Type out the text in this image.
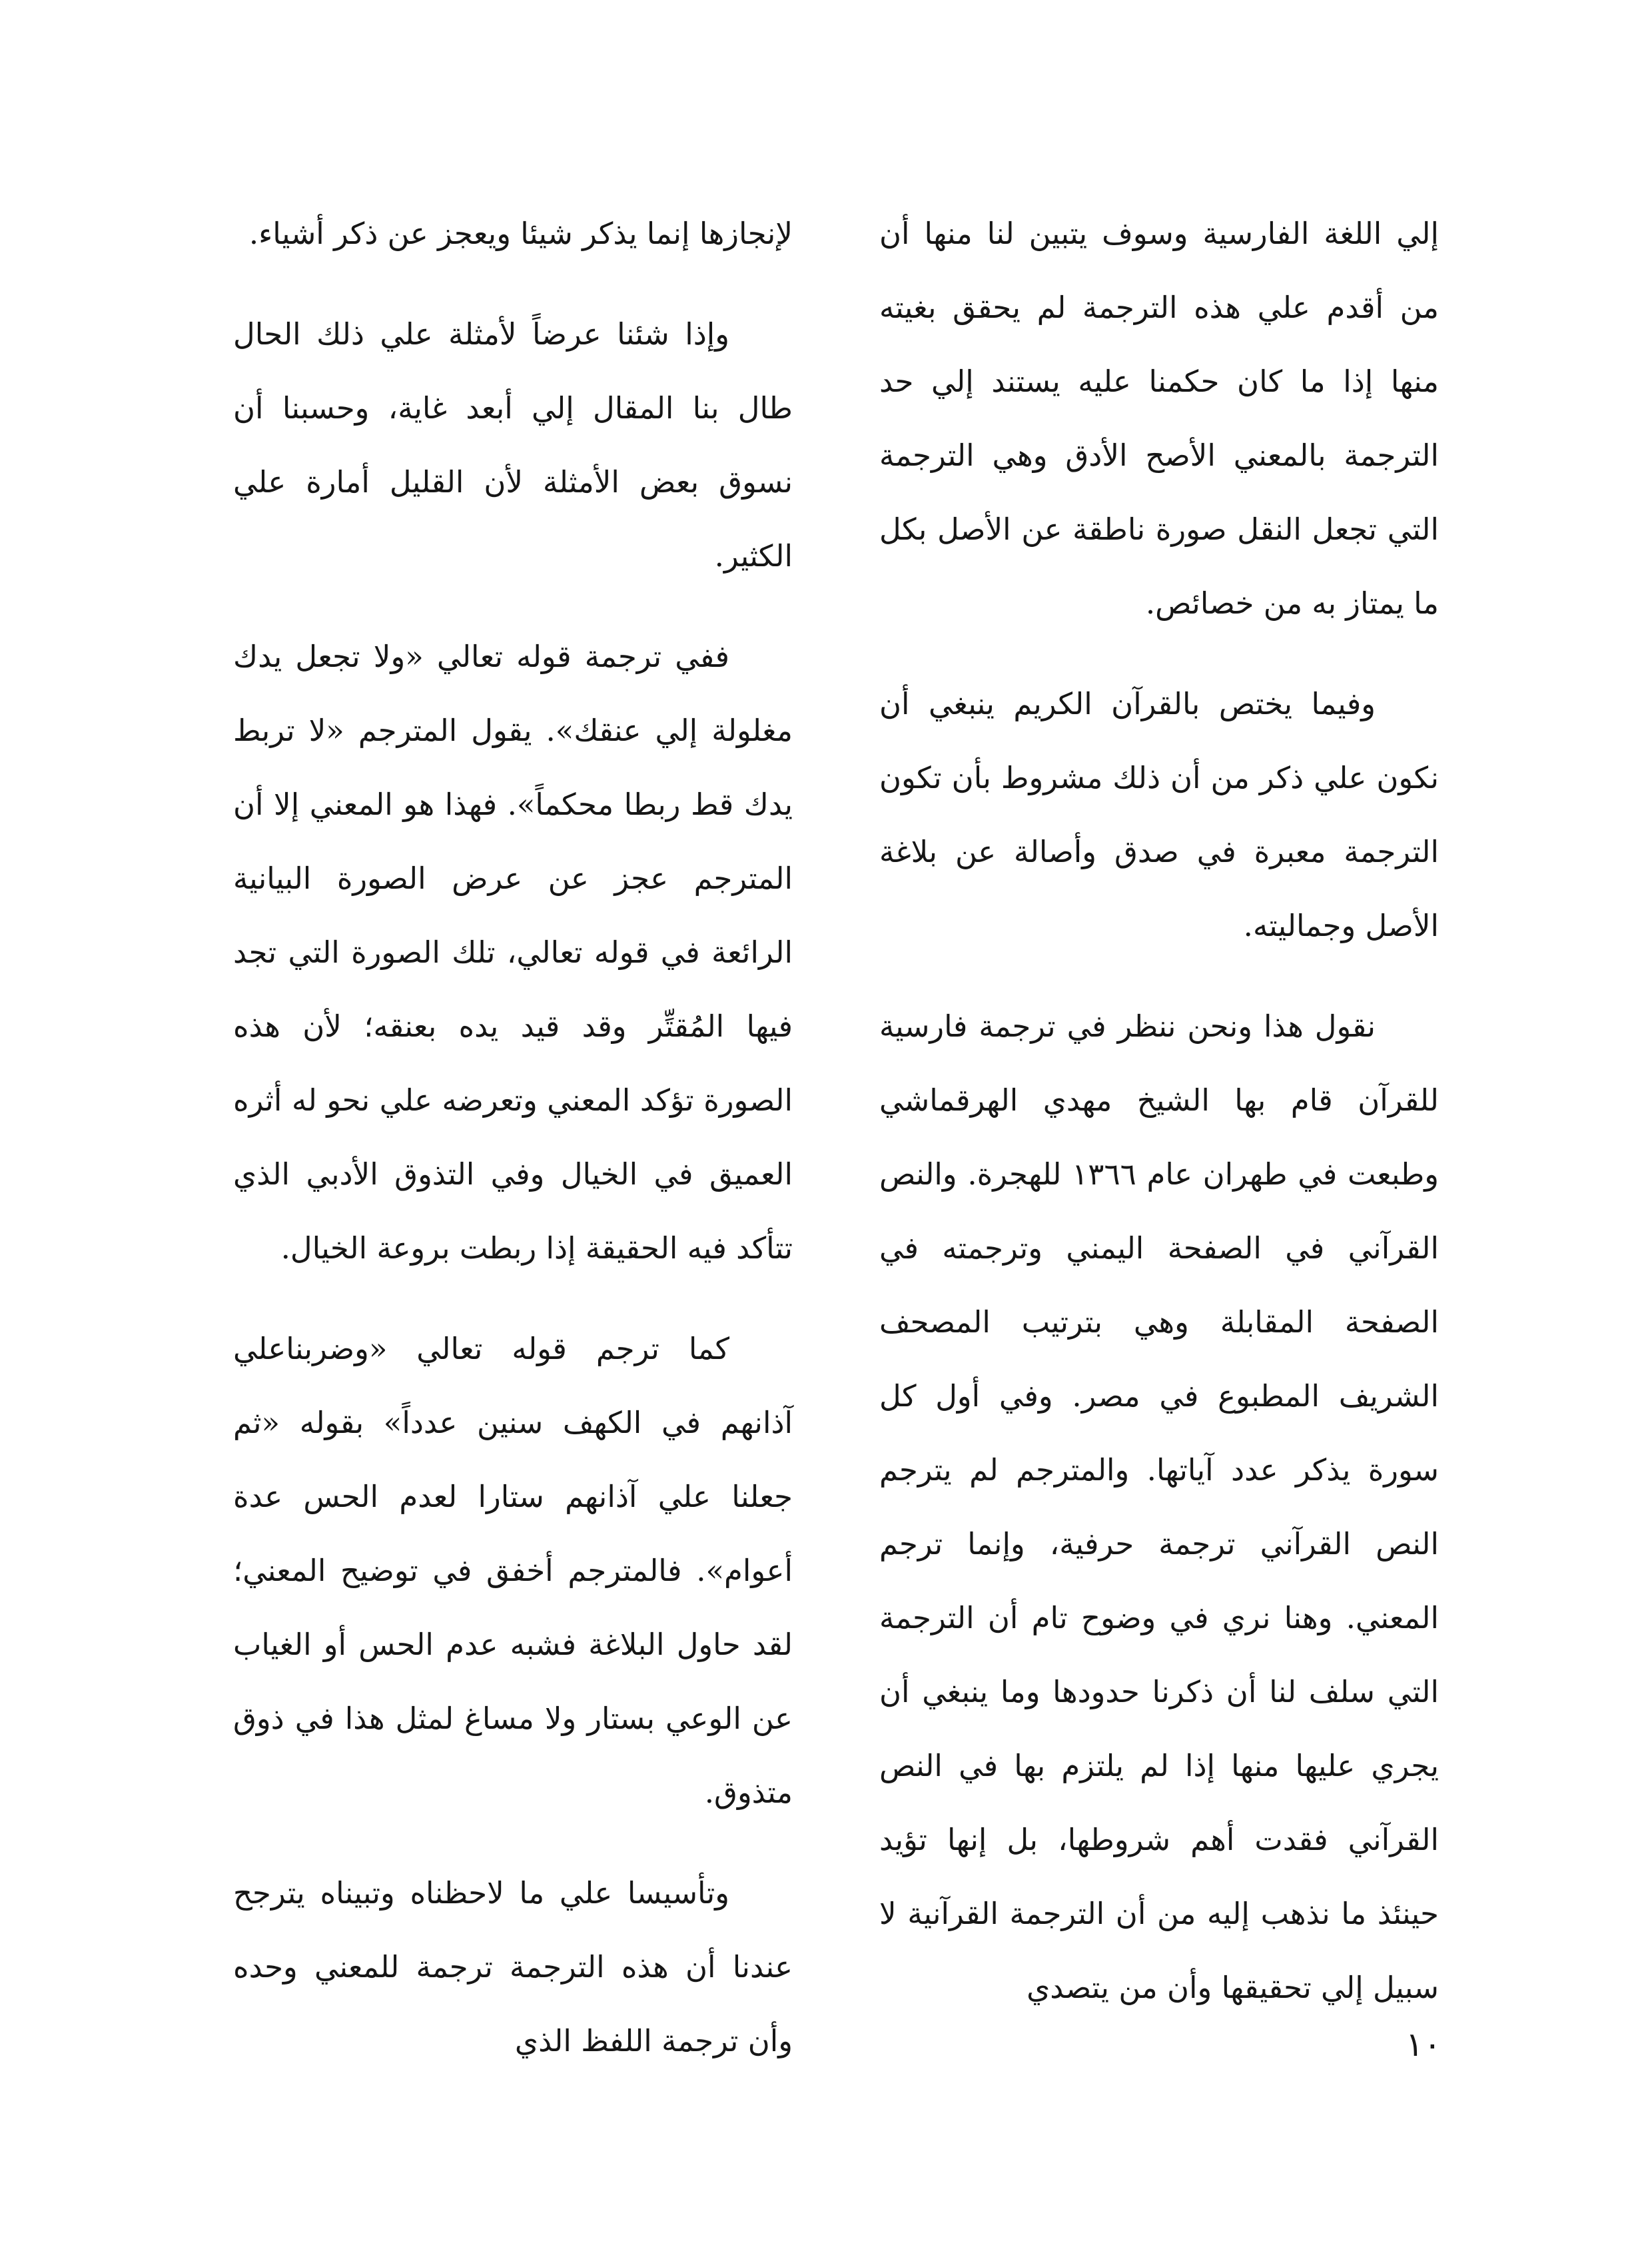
إلي اللغة الفارسية وسوف يتبين لنا منها أن من أقدم علي هذه الترجمة لم يحقق بغيته منها إذا ما كان حكمنا عليه يستند إلي حد الترجمة بالمعني الأصح الأدق وهي الترجمة التي تجعل النقل صورة ناطقة عن الأصل بكل ما يمتاز به من خصائص.

وفيما يختص بالقرآن الكريم ينبغي أن نكون علي ذكر من أن ذلك مشروط بأن تكون الترجمة معبرة في صدق وأصالة عن بلاغة الأصل وجماليته.

نقول هذا ونحن ننظر في ترجمة فارسية للقرآن قام بها الشيخ مهدي الهرقماشي وطبعت في طهران عام ١٣٦٦ للهجرة. والنص القرآني في الصفحة اليمني وترجمته في الصفحة المقابلة وهي بترتيب المصحف الشريف المطبوع في مصر. وفي أول كل سورة يذكر عدد آياتها. والمترجم لم يترجم النص القرآني ترجمة حرفية، وإنما ترجم المعني. وهنا نري في وضوح تام أن الترجمة التي سلف لنا أن ذكرنا حدودها وما ينبغي أن يجري عليها منها إذا لم يلتزم بها في النص القرآني فقدت أهم شروطها، بل إنها تؤيد حينئذ ما نذهب إليه من أن الترجمة القرآنية لا سبيل إلي تحقيقها وأن من يتصدي

لإنجازها إنما يذكر شيئا ويعجز عن ذكر أشياء.

وإذا شئنا عرضاً لأمثلة علي ذلك الحال طال بنا المقال إلي أبعد غاية، وحسبنا أن نسوق بعض الأمثلة لأن القليل أمارة علي الكثير.

ففي ترجمة قوله تعالي «ولا تجعل يدك مغلولة إلي عنقك». يقول المترجم «لا تربط يدك قط ربطا محكماً». فهذا هو المعني إلا أن المترجم عجز عن عرض الصورة البيانية الرائعة في قوله تعالي، تلك الصورة التي تجد فيها المُقتِّر وقد قيد يده بعنقه؛ لأن هذه الصورة تؤكد المعني وتعرضه علي نحو له أثره العميق في الخيال وفي التذوق الأدبي الذي تتأكد فيه الحقيقة إذا ربطت بروعة الخيال.

كما ترجم قوله تعالي «وضربناعلي آذانهم في الكهف سنين عدداً» بقوله «ثم جعلنا علي آذانهم ستارا لعدم الحس عدة أعوام». فالمترجم أخفق في توضيح المعني؛ لقد حاول البلاغة فشبه عدم الحس أو الغياب عن الوعي بستار ولا مساغ لمثل هذا في ذوق متذوق.

وتأسيسا علي ما لاحظناه وتبيناه يترجح عندنا أن هذه الترجمة ترجمة للمعني وحده وأن ترجمة اللفظ الذي	١٠
